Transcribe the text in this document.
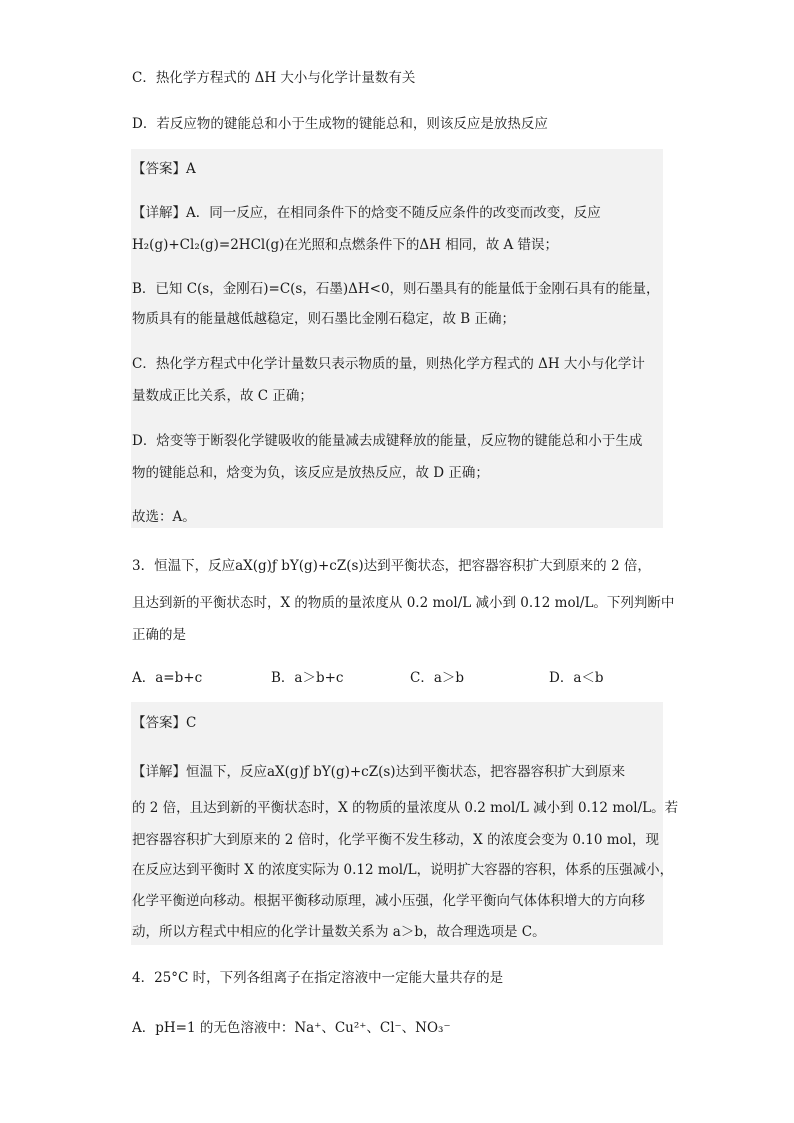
C．热化学方程式的 ΔH 大小与化学计量数有关
D．若反应物的键能总和小于生成物的键能总和，则该反应是放热反应
【答案】A
【详解】A．同一反应，在相同条件下的焓变不随反应条件的改变而改变，反应
H₂(g)+Cl₂(g)=2HCl(g)在光照和点燃条件下的ΔH 相同，故 A 错误；
B．已知 C(s，金刚石)=C(s，石墨)ΔH<0，则石墨具有的能量低于金刚石具有的能量，
物质具有的能量越低越稳定，则石墨比金刚石稳定，故 B 正确；
C．热化学方程式中化学计量数只表示物质的量，则热化学方程式的 ΔH 大小与化学计
量数成正比关系，故 C 正确；
D．焓变等于断裂化学键吸收的能量减去成键释放的能量，反应物的键能总和小于生成
物的键能总和，焓变为负，该反应是放热反应，故 D 正确；
故选：A。
3．恒温下，反应aX(g)ƒ bY(g)+cZ(s)达到平衡状态，把容器容积扩大到原来的 2 倍，
且达到新的平衡状态时，X 的物质的量浓度从 0.2 mol/L 减小到 0.12 mol/L。下列判断中
正确的是
A．a=b+c	B．a＞b+c	C．a＞b	D．a＜b
【答案】C
【详解】恒温下，反应aX(g)ƒ bY(g)+cZ(s)达到平衡状态，把容器容积扩大到原来
的 2 倍，且达到新的平衡状态时，X 的物质的量浓度从 0.2 mol/L 减小到 0.12 mol/L。若
把容器容积扩大到原来的 2 倍时，化学平衡不发生移动，X 的浓度会变为 0.10 mol，现
在反应达到平衡时 X 的浓度实际为 0.12 mol/L，说明扩大容器的容积，体系的压强减小，
化学平衡逆向移动。根据平衡移动原理，减小压强，化学平衡向气体体积增大的方向移
动，所以方程式中相应的化学计量数关系为 a＞b，故合理选项是 C。
4．25°C 时，下列各组离子在指定溶液中一定能大量共存的是
A．pH=1 的无色溶液中：Na⁺、Cu²⁺、Cl⁻、NO₃⁻
